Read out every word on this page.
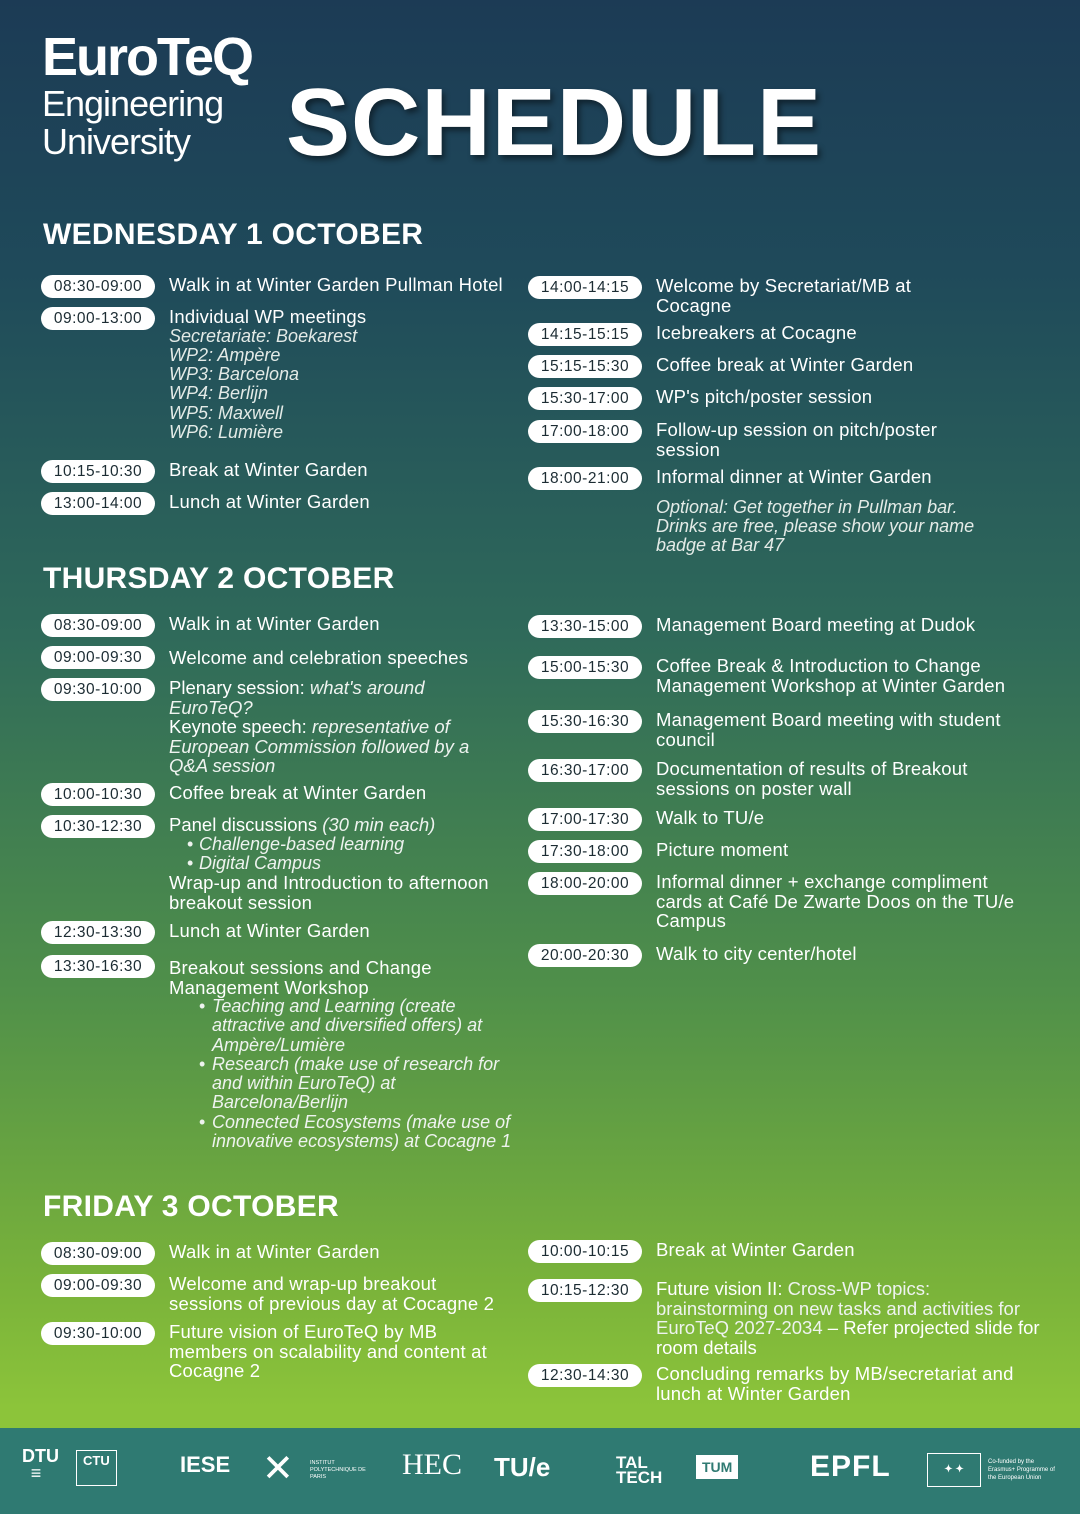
EuroTeQ
Engineering
University SCHEDULE
WEDNESDAY 1 OCTOBER
08:30-09:00	Walk in at Winter Garden Pullman Hotel
09:00-13:00	Individual WP meetings
Secretariate: Boekarest
WP2: Ampère
WP3: Barcelona
WP4: Berlijn
WP5: Maxwell
WP6: Lumière
10:15-10:30	Break at Winter Garden
13:00-14:00	Lunch at Winter Garden
14:00-14:15	Welcome by Secretariat/MB at Cocagne
14:15-15:15	Icebreakers at Cocagne
15:15-15:30	Coffee break at Winter Garden
15:30-17:00	WP's pitch/poster session
17:00-18:00	Follow-up session on pitch/poster session
18:00-21:00	Informal dinner at Winter Garden
Optional: Get together in Pullman bar. Drinks are free, please show your name badge at Bar 47
THURSDAY 2 OCTOBER
08:30-09:00	Walk in at Winter Garden
09:00-09:30	Welcome and celebration speeches
09:30-10:00	Plenary session: what's around EuroTeQ?
Keynote speech: representative of European Commission followed by a Q&A session
10:00-10:30	Coffee break at Winter Garden
10:30-12:30	Panel discussions (30 min each)
• Challenge-based learning
• Digital Campus
Wrap-up and Introduction to afternoon breakout session
12:30-13:30	Lunch at Winter Garden
13:30-16:30	Breakout sessions and Change Management Workshop
• Teaching and Learning (create attractive and diversified offers) at Ampère/Lumière
• Research (make use of research for and within EuroTeQ) at Barcelona/Berlijn
• Connected Ecosystems (make use of innovative ecosystems) at Cocagne 1
13:30-15:00	Management Board meeting at Dudok
15:00-15:30	Coffee Break & Introduction to Change Management Workshop at Winter Garden
15:30-16:30	Management Board meeting with student council
16:30-17:00	Documentation of results of Breakout sessions on poster wall
17:00-17:30	Walk to TU/e
17:30-18:00	Picture moment
18:00-20:00	Informal dinner + exchange compliment cards at Café De Zwarte Doos on the TU/e Campus
20:00-20:30	Walk to city center/hotel
FRIDAY 3 OCTOBER
08:30-09:00	Walk in at Winter Garden
09:00-09:30	Welcome and wrap-up breakout sessions of previous day at Cocagne 2
09:30-10:00	Future vision of EuroTeQ by MB members on scalability and content at Cocagne 2
10:00-10:15	Break at Winter Garden
10:15-12:30	Future vision II: Cross-WP topics: brainstorming on new tasks and activities for EuroTeQ 2027-2034 – Refer projected slide for room details
12:30-14:30	Concluding remarks by MB/secretariat and lunch at Winter Garden
DTU
≡
CTU	IESE ✕	INSTITUT POLYTECHNIQUE DE PARIS	HEC TU/e	TAL TECH
TUM	EPFL	✦ ✦
Co-funded by the Erasmus+ Programme of the European Union
